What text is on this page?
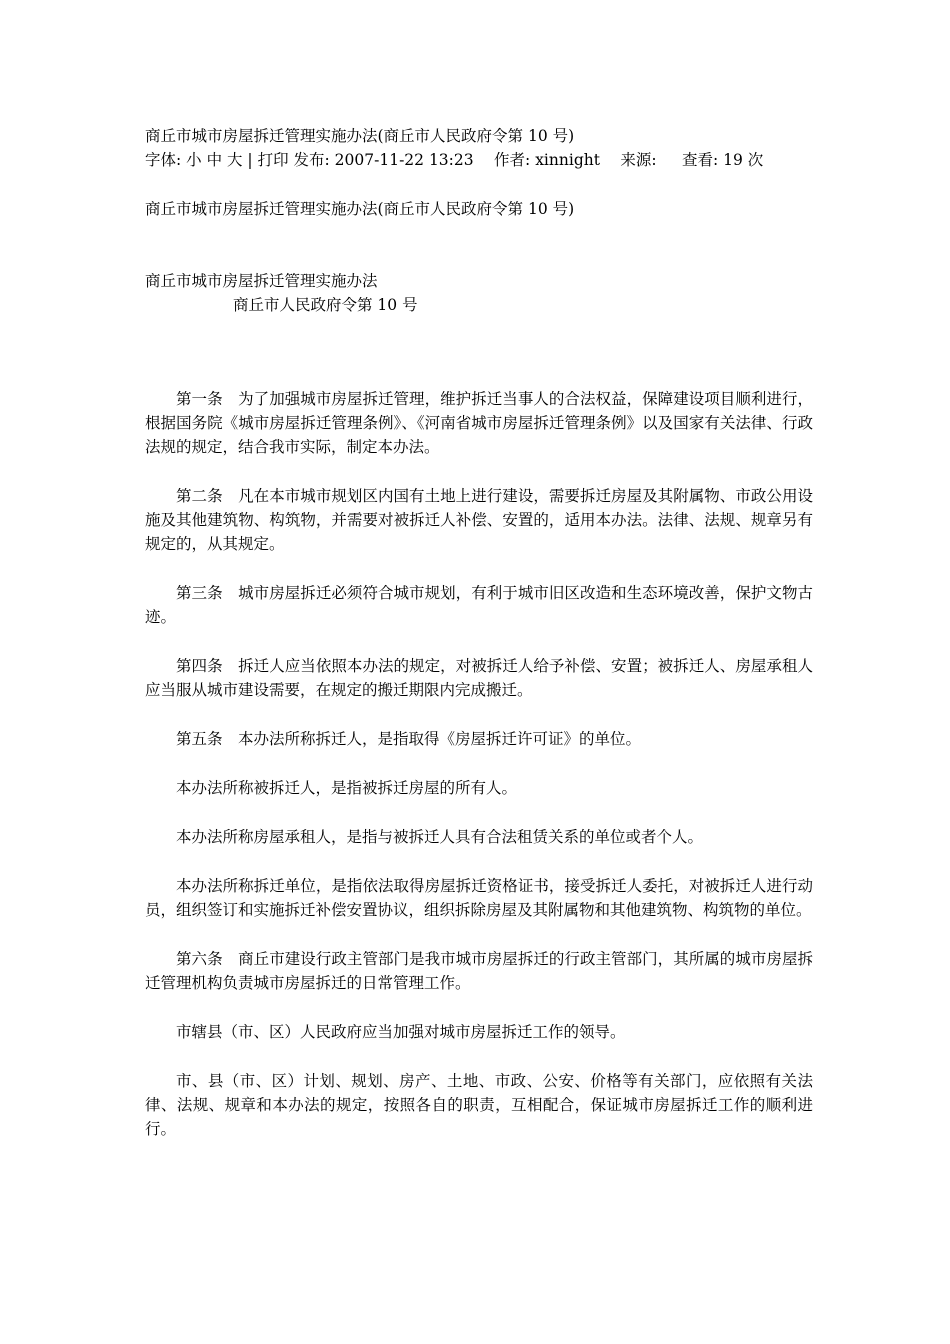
商丘市城市房屋拆迁管理实施办法(商丘市人民政府令第 10 号)
字体: 小 中 大 | 打印 发布: 2007-11-22 13:23　 作者: xinnight　 来源: 　 查看: 19 次
商丘市城市房屋拆迁管理实施办法(商丘市人民政府令第 10 号)
商丘市城市房屋拆迁管理实施办法
商丘市人民政府令第 10 号

第一条　为了加强城市房屋拆迁管理，维护拆迁当事人的合法权益，保障建设项目顺利进行，根据国务院《城市房屋拆迁管理条例》、《河南省城市房屋拆迁管理条例》以及国家有关法律、行政法规的规定，结合我市实际，制定本办法。

第二条　凡在本市城市规划区内国有土地上进行建设，需要拆迁房屋及其附属物、市政公用设施及其他建筑物、构筑物，并需要对被拆迁人补偿、安置的，适用本办法。法律、法规、规章另有规定的，从其规定。

第三条　城市房屋拆迁必须符合城市规划，有利于城市旧区改造和生态环境改善，保护文物古迹。

第四条　拆迁人应当依照本办法的规定，对被拆迁人给予补偿、安置；被拆迁人、房屋承租人应当服从城市建设需要，在规定的搬迁期限内完成搬迁。

第五条　本办法所称拆迁人，是指取得《房屋拆迁许可证》的单位。

本办法所称被拆迁人，是指被拆迁房屋的所有人。

本办法所称房屋承租人，是指与被拆迁人具有合法租赁关系的单位或者个人。

本办法所称拆迁单位，是指依法取得房屋拆迁资格证书，接受拆迁人委托，对被拆迁人进行动员，组织签订和实施拆迁补偿安置协议，组织拆除房屋及其附属物和其他建筑物、构筑物的单位。

第六条　商丘市建设行政主管部门是我市城市房屋拆迁的行政主管部门，其所属的城市房屋拆迁管理机构负责城市房屋拆迁的日常管理工作。

市辖县（市、区）人民政府应当加强对城市房屋拆迁工作的领导。

市、县（市、区）计划、规划、房产、土地、市政、公安、价格等有关部门，应依照有关法律、法规、规章和本办法的规定，按照各自的职责，互相配合，保证城市房屋拆迁工作的顺利进行。
